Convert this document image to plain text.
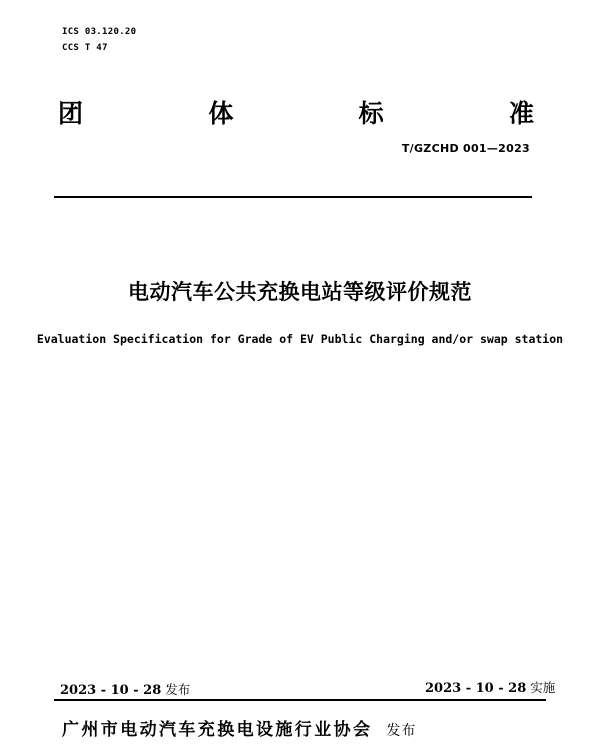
ICS 03.120.20
CCS T 47
团	体	标	准
T/GZCHD 001—2023
电动汽车公共充换电站等级评价规范
Evaluation Specification for Grade of EV Public Charging and/or swap station
2023 - 10 - 28 发布	2023 - 10 - 28 实施
广州市电动汽车充换电设施行业协会 发布
